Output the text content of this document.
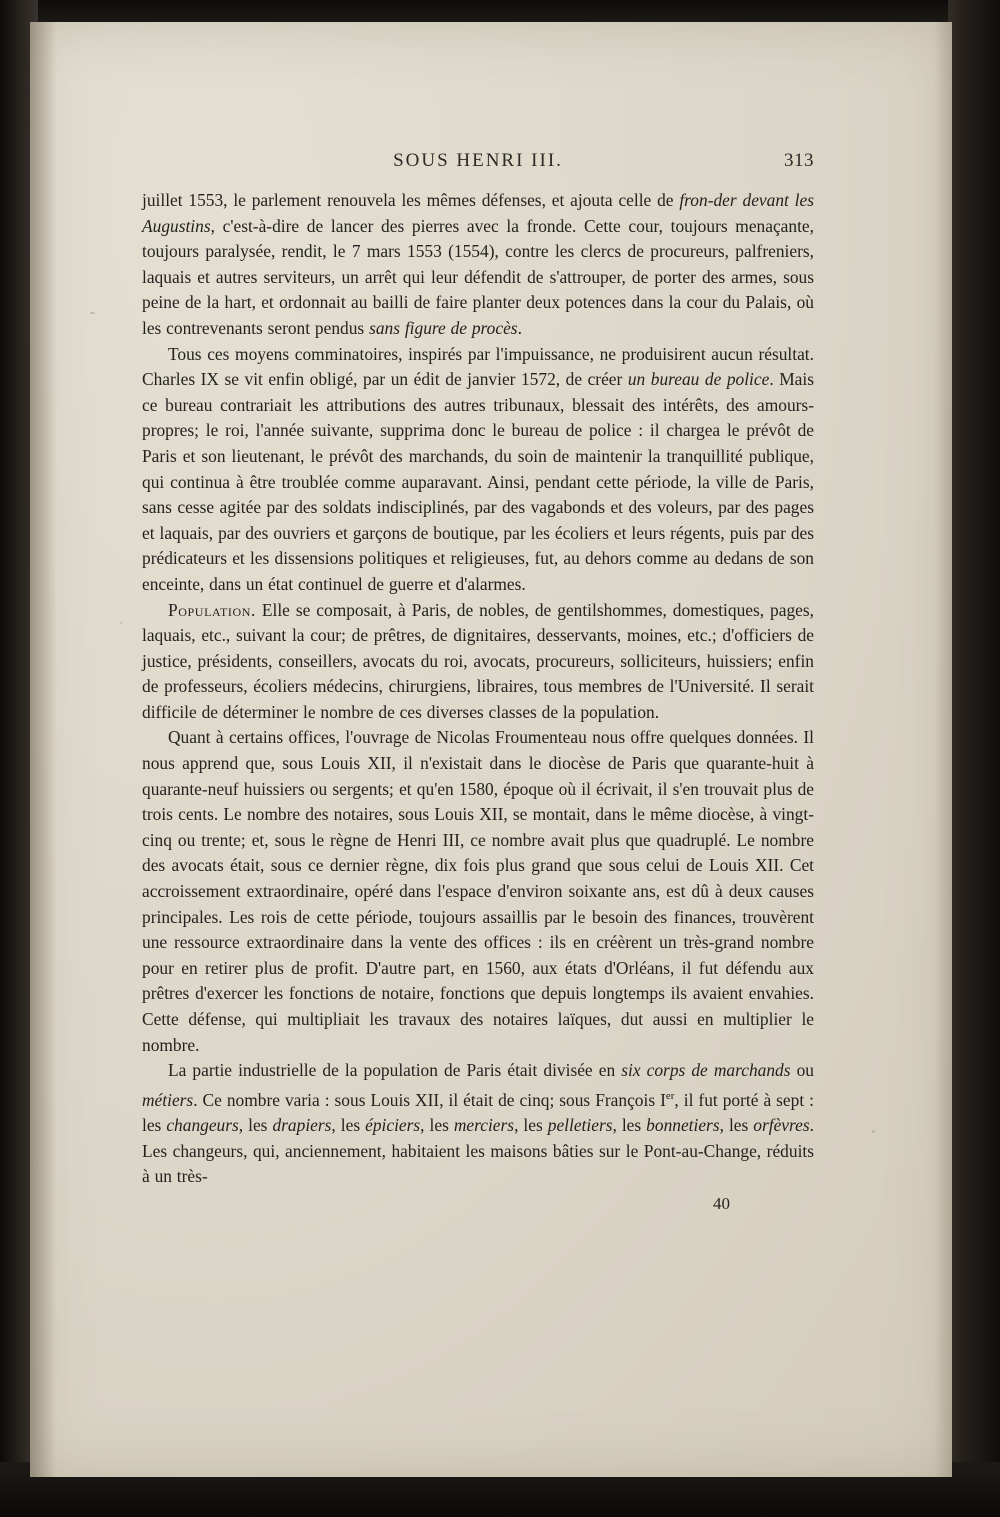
SOUS HENRI III.	313

juillet 1553, le parlement renouvela les mêmes défenses, et ajouta celle de fron-der devant les Augustins, c'est-à-dire de lancer des pierres avec la fronde. Cette cour, toujours menaçante, toujours paralysée, rendit, le 7 mars 1553 (1554), contre les clercs de procureurs, palfreniers, laquais et autres serviteurs, un arrêt qui leur défendit de s'attrouper, de porter des armes, sous peine de la hart, et ordonnait au bailli de faire planter deux potences dans la cour du Palais, où les contrevenants seront pendus sans figure de procès.

Tous ces moyens comminatoires, inspirés par l'impuissance, ne produisirent aucun résultat. Charles IX se vit enfin obligé, par un édit de janvier 1572, de créer un bureau de police. Mais ce bureau contrariait les attributions des autres tribunaux, blessait des intérêts, des amours-propres; le roi, l'année suivante, supprima donc le bureau de police : il chargea le prévôt de Paris et son lieutenant, le prévôt des marchands, du soin de maintenir la tranquillité publique, qui continua à être troublée comme auparavant. Ainsi, pendant cette période, la ville de Paris, sans cesse agitée par des soldats indisciplinés, par des vagabonds et des voleurs, par des pages et laquais, par des ouvriers et garçons de boutique, par les écoliers et leurs régents, puis par des prédicateurs et les dissensions politiques et religieuses, fut, au dehors comme au dedans de son enceinte, dans un état continuel de guerre et d'alarmes.

Population. Elle se composait, à Paris, de nobles, de gentilshommes, domestiques, pages, laquais, etc., suivant la cour; de prêtres, de dignitaires, desservants, moines, etc.; d'officiers de justice, présidents, conseillers, avocats du roi, avocats, procureurs, solliciteurs, huissiers; enfin de professeurs, écoliers médecins, chirurgiens, libraires, tous membres de l'Université. Il serait difficile de déterminer le nombre de ces diverses classes de la population.

Quant à certains offices, l'ouvrage de Nicolas Froumenteau nous offre quelques données. Il nous apprend que, sous Louis XII, il n'existait dans le diocèse de Paris que quarante-huit à quarante-neuf huissiers ou sergents; et qu'en 1580, époque où il écrivait, il s'en trouvait plus de trois cents. Le nombre des notaires, sous Louis XII, se montait, dans le même diocèse, à vingt-cinq ou trente; et, sous le règne de Henri III, ce nombre avait plus que quadruplé. Le nombre des avocats était, sous ce dernier règne, dix fois plus grand que sous celui de Louis XII. Cet accroissement extraordinaire, opéré dans l'espace d'environ soixante ans, est dû à deux causes principales. Les rois de cette période, toujours assaillis par le besoin des finances, trouvèrent une ressource extraordinaire dans la vente des offices : ils en créèrent un très-grand nombre pour en retirer plus de profit. D'autre part, en 1560, aux états d'Orléans, il fut défendu aux prêtres d'exercer les fonctions de notaire, fonctions que depuis longtemps ils avaient envahies. Cette défense, qui multipliait les travaux des notaires laïques, dut aussi en multiplier le nombre.

La partie industrielle de la population de Paris était divisée en six corps de marchands ou métiers. Ce nombre varia : sous Louis XII, il était de cinq; sous François Ier, il fut porté à sept : les changeurs, les drapiers, les épiciers, les merciers, les pelletiers, les bonnetiers, les orfèvres. Les changeurs, qui, anciennement, habitaient les maisons bâties sur le Pont-au-Change, réduits à un très-

40
